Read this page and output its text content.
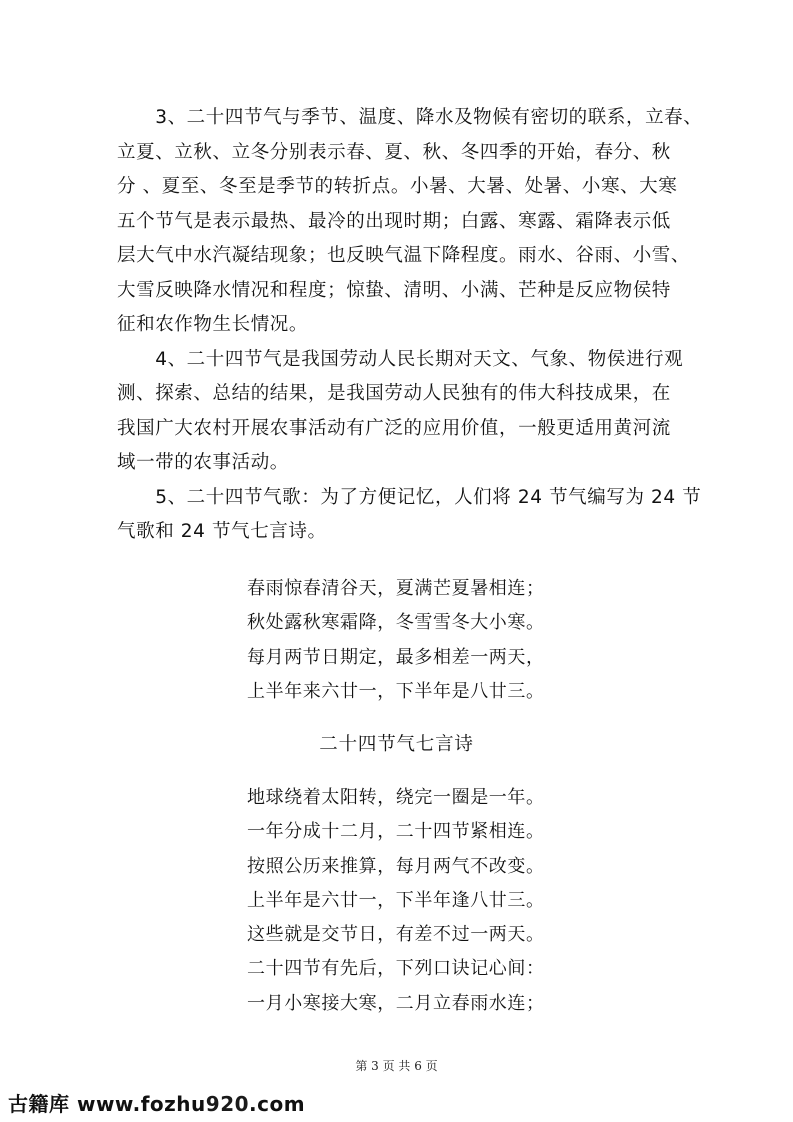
　　3、二十四节气与季节、温度、降水及物候有密切的联系，立春、
立夏、立秋、立冬分别表示春、夏、秋、冬四季的开始，春分、秋
分 、夏至、冬至是季节的转折点。小暑、大暑、处暑、小寒、大寒
五个节气是表示最热、最冷的出现时期；白露、寒露、霜降表示低
层大气中水汽凝结现象；也反映气温下降程度。雨水、谷雨、小雪、
大雪反映降水情况和程度；惊蛰、清明、小满、芒种是反应物侯特
征和农作物生长情况。

　　4、二十四节气是我国劳动人民长期对天文、气象、物侯进行观
测、探索、总结的结果，是我国劳动人民独有的伟大科技成果，在
我国广大农村开展农事活动有广泛的应用价值，一般更适用黄河流
域一带的农事活动。

　　5、二十四节气歌：为了方便记忆，人们将 24 节气编写为 24 节
气歌和 24 节气七言诗。

春雨惊春清谷天，夏满芒夏暑相连；
秋处露秋寒霜降，冬雪雪冬大小寒。
每月两节日期定，最多相差一两天，
上半年来六廿一，下半年是八廿三。
二十四节气七言诗
地球绕着太阳转，绕完一圈是一年。
一年分成十二月，二十四节紧相连。
按照公历来推算，每月两气不改变。
上半年是六廿一，下半年逢八廿三。
这些就是交节日，有差不过一两天。
二十四节有先后，下列口诀记心间：
一月小寒接大寒，二月立春雨水连；
第 3 页 共 6 页
古籍库 www.fozhu920.com
